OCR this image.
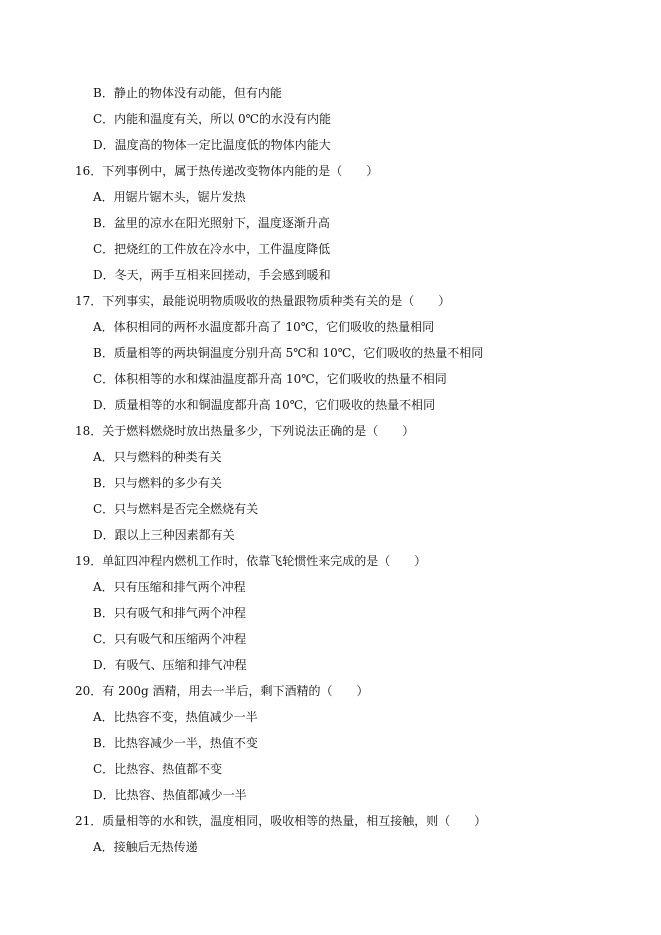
B．静止的物体没有动能，但有内能
C．内能和温度有关，所以 0℃的水没有内能
D．温度高的物体一定比温度低的物体内能大
16．下列事例中，属于热传递改变物体内能的是（　　）
A．用锯片锯木头，锯片发热
B．盆里的凉水在阳光照射下，温度逐渐升高
C．把烧红的工件放在冷水中，工件温度降低
D．冬天，两手互相来回搓动，手会感到暖和
17．下列事实，最能说明物质吸收的热量跟物质种类有关的是（　　）
A．体积相同的两杯水温度都升高了 10℃，它们吸收的热量相同
B．质量相等的两块铜温度分别升高 5℃和 10℃，它们吸收的热量不相同
C．体积相等的水和煤油温度都升高 10℃，它们吸收的热量不相同
D．质量相等的水和铜温度都升高 10℃，它们吸收的热量不相同
18．关于燃料燃烧时放出热量多少，下列说法正确的是（　　）
A．只与燃料的种类有关
B．只与燃料的多少有关
C．只与燃料是否完全燃烧有关
D．跟以上三种因素都有关
19．单缸四冲程内燃机工作时，依靠飞轮惯性来完成的是（　　）
A．只有压缩和排气两个冲程
B．只有吸气和排气两个冲程
C．只有吸气和压缩两个冲程
D．有吸气、压缩和排气冲程
20．有 200g 酒精，用去一半后，剩下酒精的（　　）
A．比热容不变，热值减少一半
B．比热容减少一半，热值不变
C．比热容、热值都不变
D．比热容、热值都减少一半
21．质量相等的水和铁，温度相同，吸收相等的热量，相互接触，则（　　）
A．接触后无热传递
